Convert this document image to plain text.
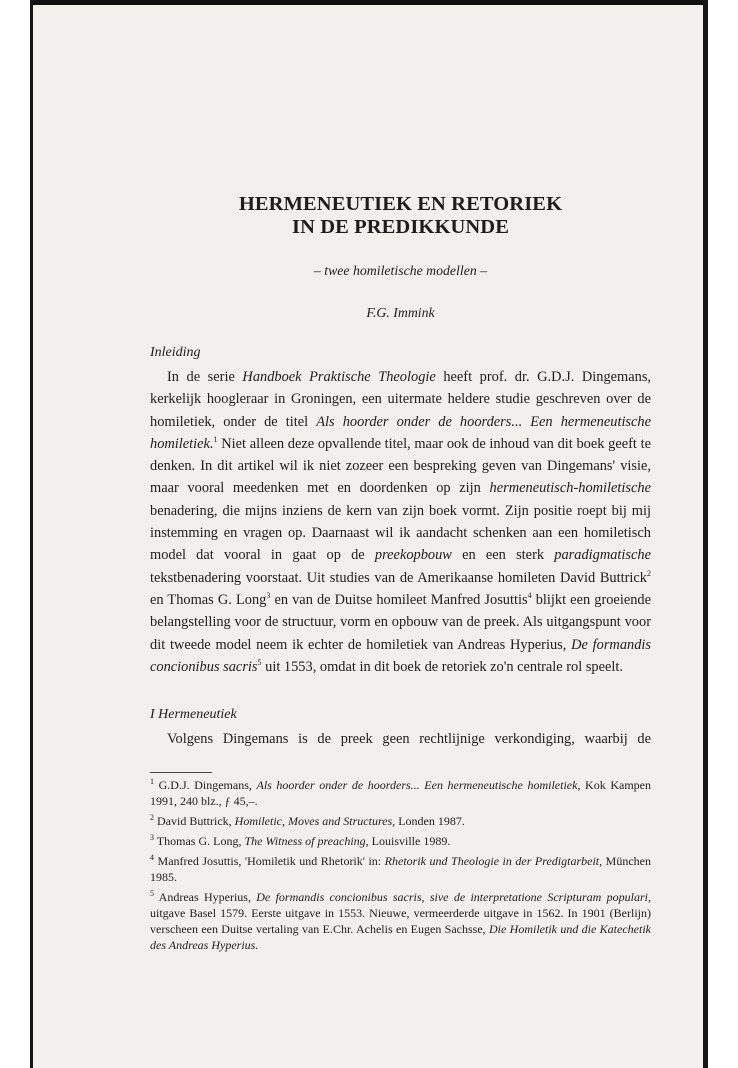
HERMENEUTIEK EN RETORIEK
IN DE PREDIKKUNDE
– twee homiletische modellen –
F.G. Immink
Inleiding

In de serie Handboek Praktische Theologie heeft prof. dr. G.D.J. Dingemans, kerkelijk hoogleraar in Groningen, een uitermate heldere studie geschreven over de homiletiek, onder de titel Als hoorder onder de hoorders... Een hermeneutische homiletiek.$^1$ Niet alleen deze opvallende titel, maar ook de inhoud van dit boek geeft te denken. In dit artikel wil ik niet zozeer een bespreking geven van Dingemans' visie, maar vooral meedenken met en doordenken op zijn hermeneutisch-homiletische benadering, die mijns inziens de kern van zijn boek vormt. Zijn positie roept bij mij instemming en vragen op. Daarnaast wil ik aandacht schenken aan een homiletisch model dat vooral in gaat op de preekopbouw en een sterk paradigmatische tekstbenadering voorstaat. Uit studies van de Amerikaanse homileten David Buttrick$^2$ en Thomas G. Long$^3$ en van de Duitse homileet Manfred Josuttis$^4$ blijkt een groeiende belangstelling voor de structuur, vorm en opbouw van de preek. Als uitgangspunt voor dit tweede model neem ik echter de homiletiek van Andreas Hyperius, De formandis concionibus sacris$^5$ uit 1553, omdat in dit boek de retoriek zo'n centrale rol speelt.

I Hermeneutiek

Volgens Dingemans is de preek geen rechtlijnige verkondiging, waarbij de

$^1$ G.D.J. Dingemans, Als hoorder onder de hoorders... Een hermeneutische homiletiek, Kok Kampen 1991, 240 blz., ƒ 45,–.

$^2$ David Buttrick, Homiletic, Moves and Structures, Londen 1987.

$^3$ Thomas G. Long, The Witness of preaching, Louisville 1989.

$^4$ Manfred Josuttis, 'Homiletik und Rhetorik' in: Rhetorik und Theologie in der Predigtarbeit, München 1985.

$^5$ Andreas Hyperius, De formandis concionibus sacris, sive de interpretatione Scripturam populari, uitgave Basel 1579. Eerste uitgave in 1553. Nieuwe, vermeerderde uitgave in 1562. In 1901 (Berlijn) verscheen een Duitse vertaling van E.Chr. Achelis en Eugen Sachsse, Die Homiletik und die Katechetik des Andreas Hyperius.
